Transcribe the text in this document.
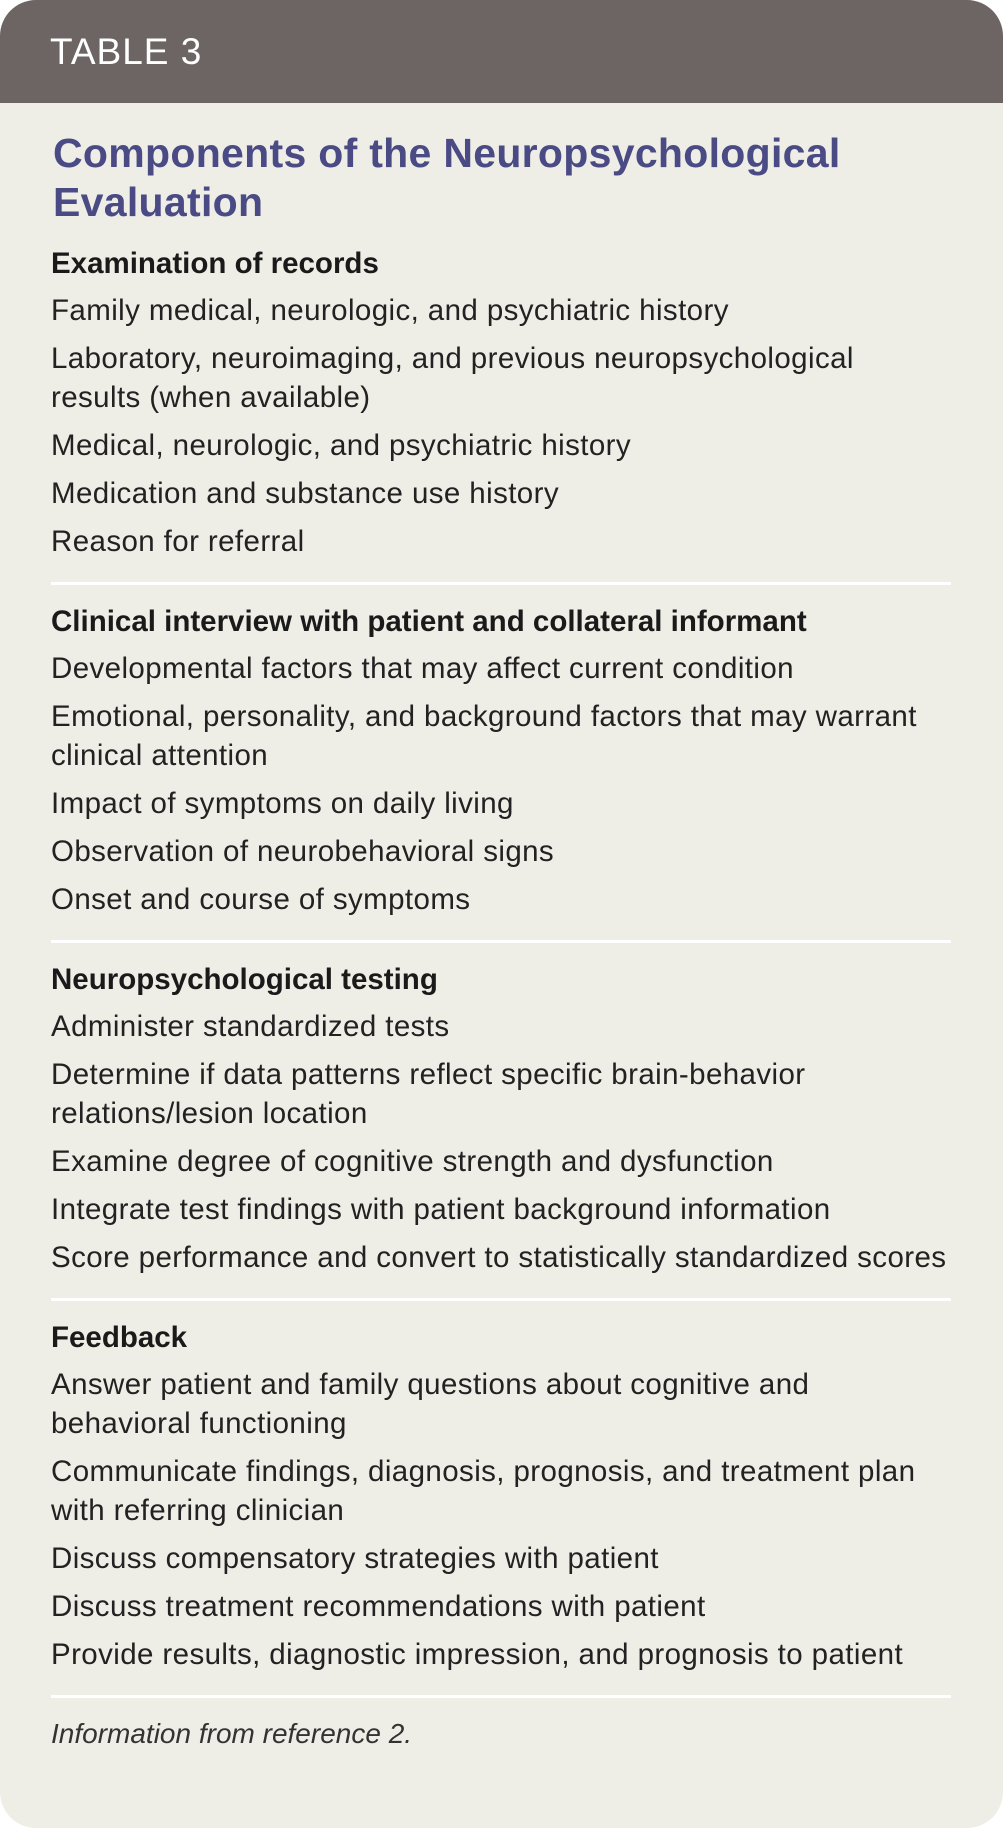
TABLE 3
Components of the Neuropsychological Evaluation
Examination of records
Family medical, neurologic, and psychiatric history
Laboratory, neuroimaging, and previous neuropsychological results (when available)
Medical, neurologic, and psychiatric history
Medication and substance use history
Reason for referral
Clinical interview with patient and collateral informant
Developmental factors that may affect current condition
Emotional, personality, and background factors that may warrant clinical attention
Impact of symptoms on daily living
Observation of neurobehavioral signs
Onset and course of symptoms
Neuropsychological testing
Administer standardized tests
Determine if data patterns reflect specific brain-behavior relations/lesion location
Examine degree of cognitive strength and dysfunction
Integrate test findings with patient background information
Score performance and convert to statistically standardized scores
Feedback
Answer patient and family questions about cognitive and behavioral functioning
Communicate findings, diagnosis, prognosis, and treatment plan with referring clinician
Discuss compensatory strategies with patient
Discuss treatment recommendations with patient
Provide results, diagnostic impression, and prognosis to patient
Information from reference 2.
